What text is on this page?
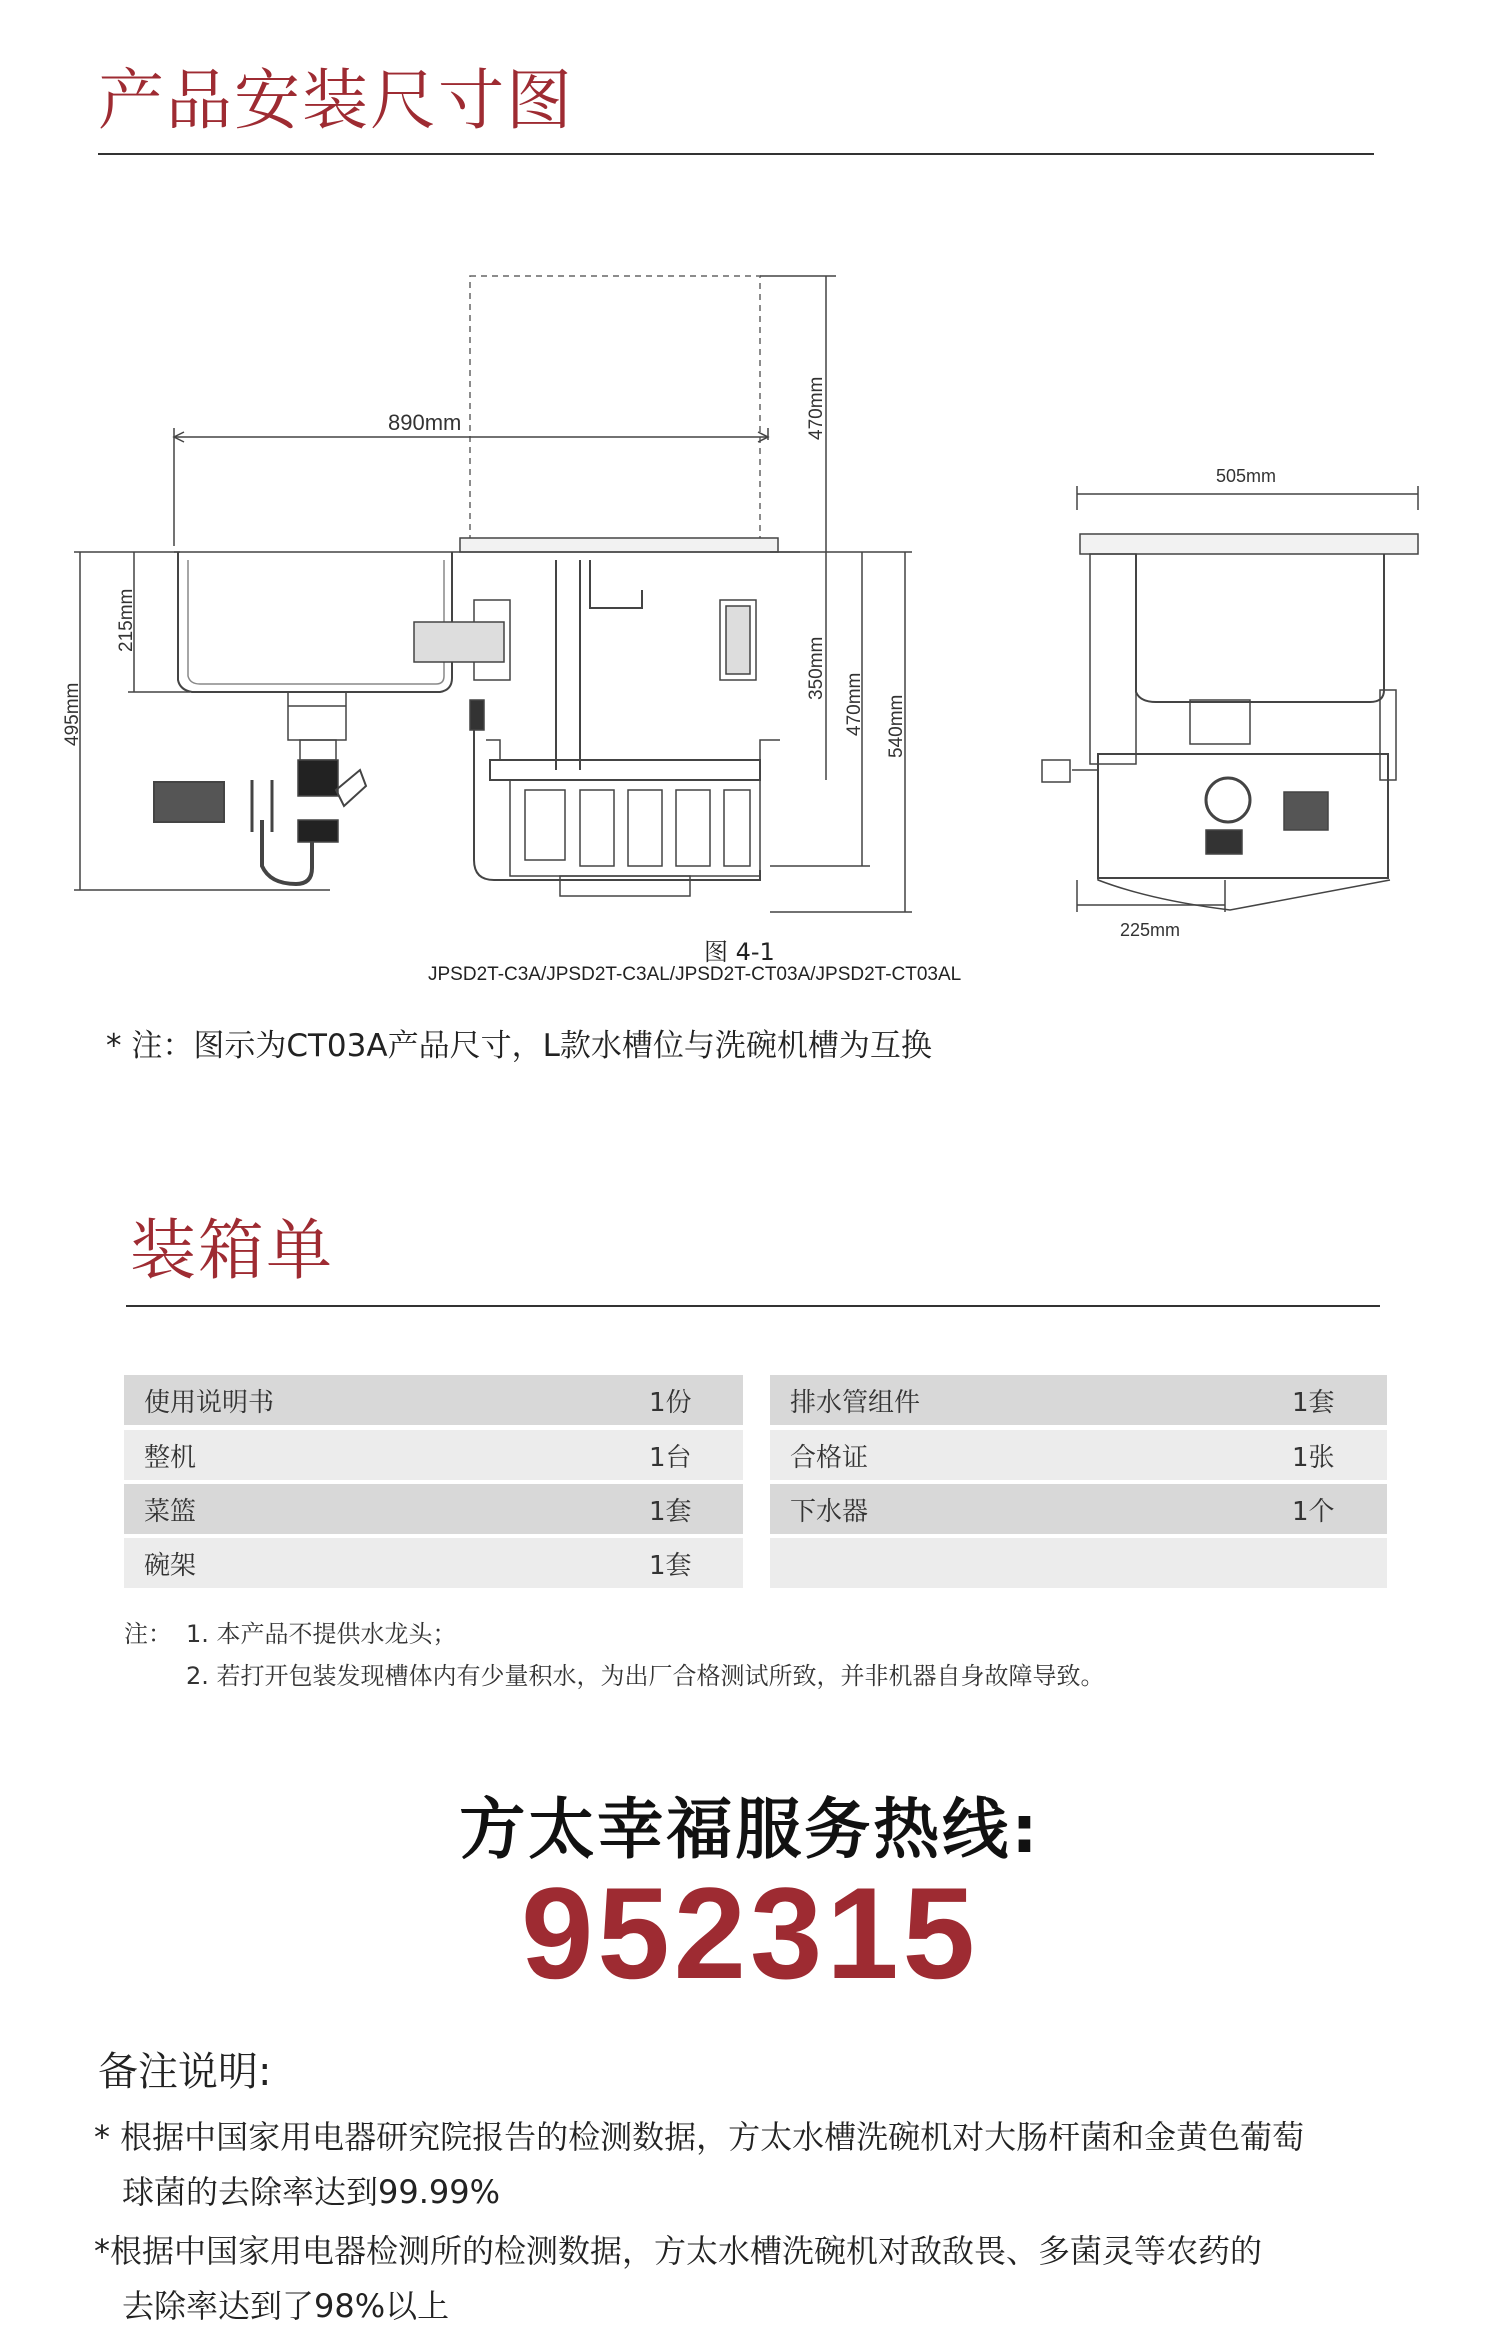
产品安装尺寸图
890mm	470mm
215mm
495mm
350mm
470mm 540mm
505mm
225mm
图 4-1
JPSD2T-C3A/JPSD2T-C3AL/JPSD2T-CT03A/JPSD2T-CT03AL
* 注：图示为CT03A产品尺寸，L款水槽位与洗碗机槽为互换
装箱单
使用说明书	1份
整机	1台
菜篮	1套
碗架	1套
排水管组件	1套
合格证	1张
下水器	1个
注： 1. 本产品不提供水龙头；
2. 若打开包装发现槽体内有少量积水，为出厂合格测试所致，并非机器自身故障导致。
方太幸福服务热线:
952315
备注说明:
* 根据中国家用电器研究院报告的检测数据，方太水槽洗碗机对大肠杆菌和金黄色葡萄
球菌的去除率达到99.99%
*根据中国家用电器检测所的检测数据，方太水槽洗碗机对敌敌畏、多菌灵等农药的
去除率达到了98%以上
